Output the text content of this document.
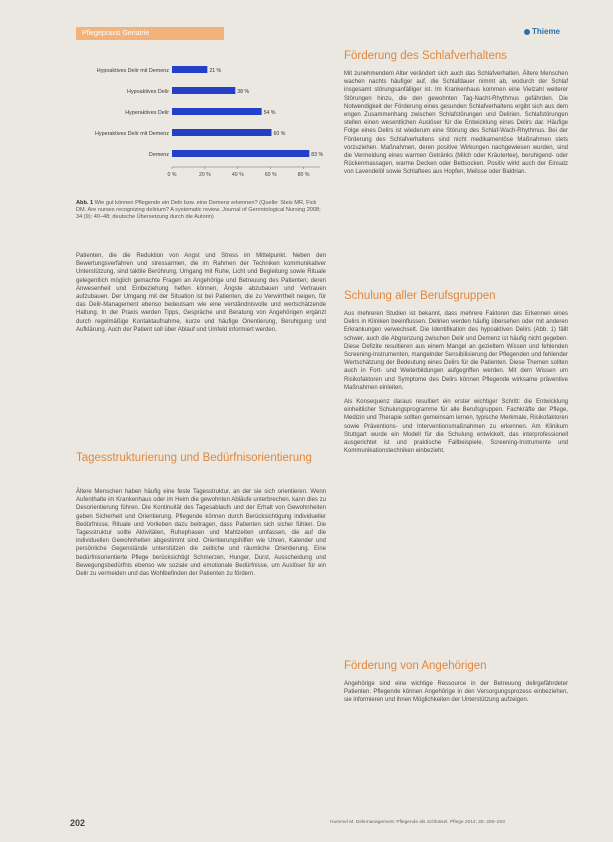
Pflegepraxis Geriatrie	Thieme
Hypoaktives Delir mit Demenz	21 %
Hypoaktives Delir	38 %
Hyperaktives Delir	54 %
Hyperaktives Delir mit Demenz	60 %
Demenz	83 %
0 %	20 %	40 %	60 %	80 %
Abb. 1 Wie gut können Pflegende ein Delir bzw. eine Demenz erkennen? (Quelle: Steis MR, Fick DM. Are nurses recognizing delirium? A systematic review. Journal of Gerontological Nursing 2008; 34 (9): 40–48; deutsche Übersetzung durch die Autorin)

Patienten, die die Reduktion von Angst und Stress im Mittelpunkt. Neben den Bewertungsverfahren und stressarmen, die im Rahmen der Techniken kommunikativer Unterstützung, sind taktile Berührung, Umgang mit Ruhe, Licht und Begleitung sowie Rituale gelegentlich möglich gemachte Fragen an Angehörige und Betreuung des Patienten; deren Anwesenheit und Einbeziehung helfen können, Ängste abzubauen und Vertrauen aufzubauen. Der Umgang mit der Situation ist bei Patienten, die zu Verwirrtheit neigen, für das Delir-Management ebenso bedeutsam wie eine verständnisvolle und wertschätzende Haltung. In der Praxis werden Tipps, Gespräche und Beratung von Angehörigen ergänzt durch regelmäßige Kontaktaufnahme, kurze und häufige Orientierung, Beruhigung und Aufklärung. Auch der Patient soll über Ablauf und Umfeld informiert werden.

Tagesstrukturierung und Bedürfnisorientierung

Ältere Menschen haben häufig eine feste Tagesstruktur, an der sie sich orientieren. Wenn Aufenthalte im Krankenhaus oder im Heim die gewohnten Abläufe unterbrechen, kann dies zu Desorientierung führen. Die Kontinuität des Tagesablaufs und der Erhalt von Gewohnheiten geben Sicherheit und Orientierung. Pflegende können durch Berücksichtigung individueller Bedürfnisse, Rituale und Vorlieben dazu beitragen, dass Patienten sich sicher fühlen. Die Tagesstruktur sollte Aktivitäten, Ruhephasen und Mahlzeiten umfassen, die auf die individuellen Gewohnheiten abgestimmt sind. Orientierungshilfen wie Uhren, Kalender und persönliche Gegenstände unterstützen die zeitliche und räumliche Orientierung. Eine bedürfnisorientierte Pflege berücksichtigt Schmerzen, Hunger, Durst, Ausscheidung und Bewegungsbedürfnis ebenso wie soziale und emotionale Bedürfnisse, um Auslöser für ein Delir zu vermeiden und das Wohlbefinden der Patienten zu fördern.

Förderung des Schlafverhaltens

Mit zunehmendem Alter verändert sich auch das Schlafverhalten. Ältere Menschen wachen nachts häufiger auf, die Schlafdauer nimmt ab, wodurch der Schlaf insgesamt störungsanfälliger ist. Im Krankenhaus kommen eine Vielzahl weiterer Störungen hinzu, die den gewohnten Tag-Nacht-Rhythmus gefährden. Die Notwendigkeit der Förderung eines gesunden Schlafverhaltens ergibt sich aus dem engen Zusammenhang zwischen Schlafstörungen und Delirien. Schlafstörungen stellen einen wesentlichen Auslöser für die Entwicklung eines Delirs dar. Häufige Folge eines Delirs ist wiederum eine Störung des Schlaf-Wach-Rhythmus. Bei der Förderung des Schlafverhaltens sind nicht medikamentöse Maßnahmen stets vorzuziehen. Maßnahmen, deren positive Wirkungen nachgewiesen wurden, sind die Vermeidung eines warmen Getränks (Milch oder Kräutertee), beruhigend- oder Rückenmassagen, warme Decken oder Bettsocken. Positiv wirkt auch der Einsatz von Lavendelöl sowie Schlaftees aus Hopfen, Melisse oder Baldrian.

Schulung aller Berufsgruppen

Aus mehreren Studien ist bekannt, dass mehrere Faktoren das Erkennen eines Delirs in Kliniken beeinflussen. Delirien werden häufig übersehen oder mit anderen Erkrankungen verwechselt. Die Identifikation des hypoaktiven Delirs (Abb. 1) fällt schwer, auch die Abgrenzung zwischen Delir und Demenz ist häufig nicht gegeben. Diese Defizite resultieren aus einem Mangel an gezieltem Wissen und fehlenden Screening-Instrumenten, mangelnder Sensibilisierung der Pflegenden und fehlender Wertschätzung der Bedeutung eines Delirs für die Patienten. Diese Themen sollten auch in Fort- und Weiterbildungen aufgegriffen werden. Mit dem Wissen um Risikofaktoren und Symptome des Delirs können Pflegende wirksame präventive Maßnahmen einleiten.

Als Konsequenz daraus resultiert ein erster wichtiger Schritt: die Entwicklung einheitlicher Schulungsprogramme für alle Berufsgruppen. Fachkräfte der Pflege, Medizin und Therapie sollten gemeinsam lernen, typische Merkmale, Risikofaktoren sowie Präventions- und Interventionsmaßnahmen zu erkennen. Am Klinikum Stuttgart wurde ein Modell für die Schulung entwickelt, das interprofessionell ausgerichtet ist und praktische Fallbeispiele, Screening-Instrumente und Kommunikationstechniken einbezieht.

Förderung von Angehörigen

Angehörige sind eine wichtige Ressource in der Betreuung delirgefährdeter Patienten. Pflegende können Angehörige in den Versorgungsprozess einbeziehen, sie informieren und ihnen Möglichkeiten der Unterstützung aufzeigen.

202	Hummel M. Delirmanagement: Pflegende als Schlüssel. Pflege 2014; 25: 200–203
